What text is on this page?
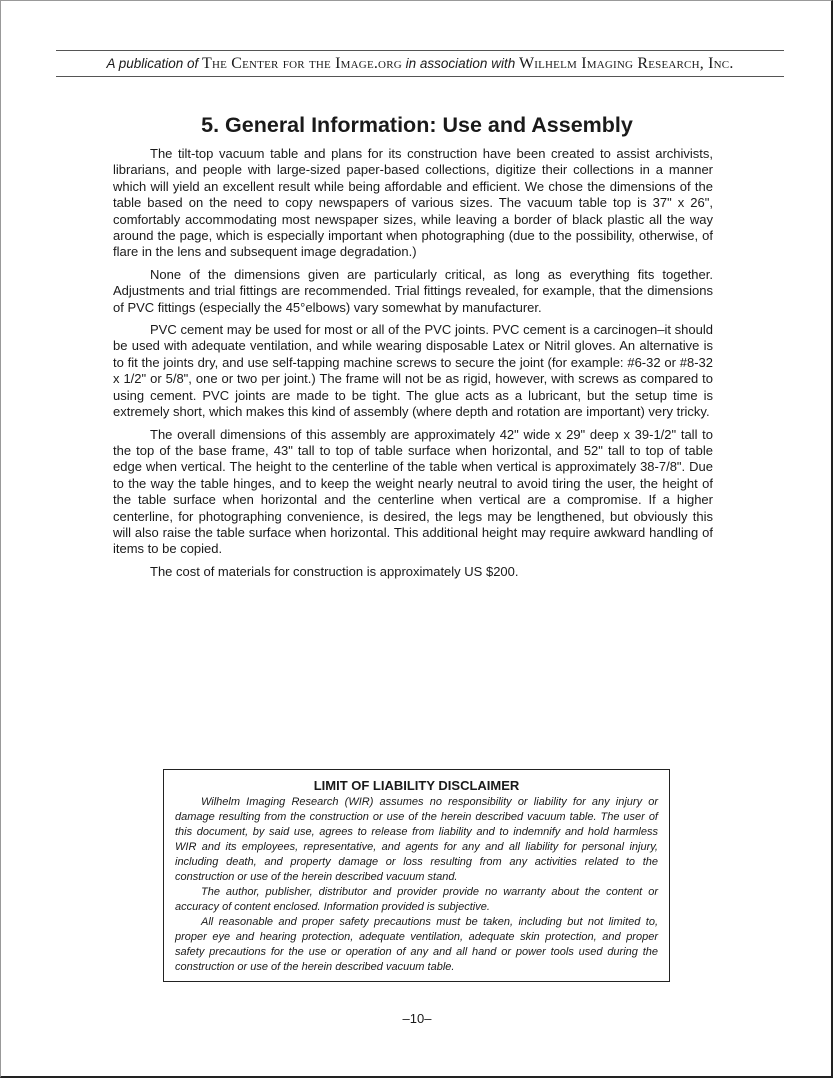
A publication of The Center for the Image.org in association with Wilhelm Imaging Research, Inc.
5. General Information: Use and Assembly

The tilt-top vacuum table and plans for its construction have been created to assist archivists, librarians, and people with large-sized paper-based collections, digitize their collections in a manner which will yield an excellent result while being affordable and efficient. We chose the dimensions of the table based on the need to copy newspapers of various sizes. The vacuum table top is 37" x 26", comfortably accommodating most newspaper sizes, while leaving a border of black plastic all the way around the page, which is especially important when photographing (due to the possibility, otherwise, of flare in the lens and subsequent image degradation.)

None of the dimensions given are particularly critical, as long as everything fits together. Adjustments and trial fittings are recommended. Trial fittings revealed, for example, that the dimensions of PVC fittings (especially the 45°elbows) vary somewhat by manufacturer.

PVC cement may be used for most or all of the PVC joints. PVC cement is a carcinogen–it should be used with adequate ventilation, and while wearing disposable Latex or Nitril gloves. An alternative is to fit the joints dry, and use self-tapping machine screws to secure the joint (for example: #6-32 or #8-32 x 1/2" or 5/8", one or two per joint.) The frame will not be as rigid, however, with screws as compared to using cement. PVC joints are made to be tight. The glue acts as a lubricant, but the setup time is extremely short, which makes this kind of assembly (where depth and rotation are important) very tricky.

The overall dimensions of this assembly are approximately 42" wide x 29" deep x 39-1/2" tall to the top of the base frame, 43" tall to top of table surface when horizontal, and 52" tall to top of table edge when vertical. The height to the centerline of the table when vertical is approximately 38-7/8". Due to the way the table hinges, and to keep the weight nearly neutral to avoid tiring the user, the height of the table surface when horizontal and the centerline when vertical are a compromise. If a higher centerline, for photographing convenience, is desired, the legs may be lengthened, but obviously this will also raise the table surface when horizontal. This additional height may require awkward handling of items to be copied.

The cost of materials for construction is approximately US $200.

LIMIT OF LIABILITY DISCLAIMER

Wilhelm Imaging Research (WIR) assumes no responsibility or liability for any injury or damage resulting from the construction or use of the herein described vacuum table. The user of this document, by said use, agrees to release from liability and to indemnify and hold harmless WIR and its employees, representative, and agents for any and all liability for personal injury, including death, and property damage or loss resulting from any activities related to the construction or use of the herein described vacuum stand.

The author, publisher, distributor and provider provide no warranty about the content or accuracy of content enclosed. Information provided is subjective.

All reasonable and proper safety precautions must be taken, including but not limited to, proper eye and hearing protection, adequate ventilation, adequate skin protection, and proper safety precautions for the use or operation of any and all hand or power tools used during the construction or use of the herein described vacuum table.

–10–
